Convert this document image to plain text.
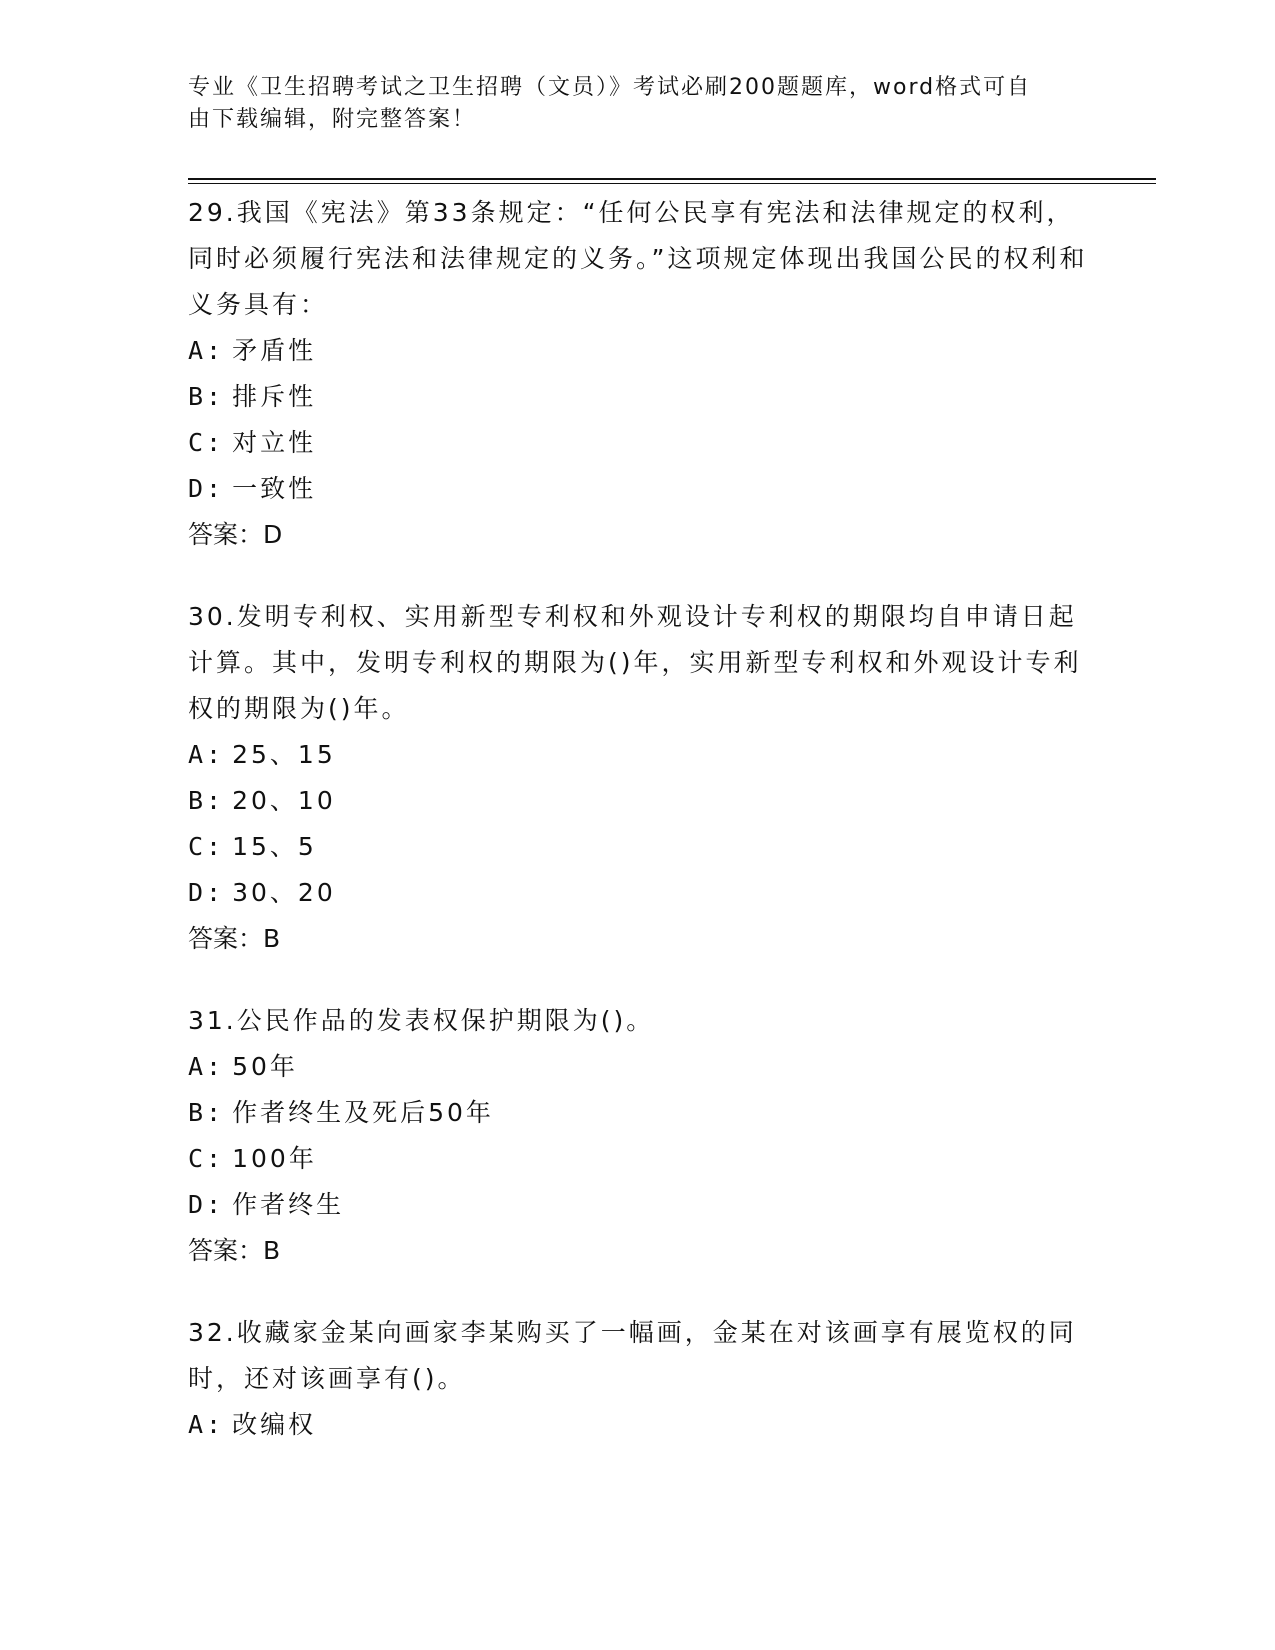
专业《卫生招聘考试之卫生招聘（文员）》考试必刷200题题库，word格式可自
由下载编辑，附完整答案！

29.我国《宪法》第33条规定：“任何公民享有宪法和法律规定的权利，同时必须履行宪法和法律规定的义务。”这项规定体现出我国公民的权利和义务具有：

A: 矛盾性

B: 排斥性

C: 对立性

D: 一致性

答案：D

30.发明专利权、实用新型专利权和外观设计专利权的期限均自申请日起计算。其中，发明专利权的期限为()年，实用新型专利权和外观设计专利权的期限为()年。

A: 25、15

B: 20、10

C: 15、5

D: 30、20

答案：B

31.公民作品的发表权保护期限为()。

A: 50年

B: 作者终生及死后50年

C: 100年

D: 作者终生

答案：B

32.收藏家金某向画家李某购买了一幅画，金某在对该画享有展览权的同时，还对该画享有()。

A: 改编权
